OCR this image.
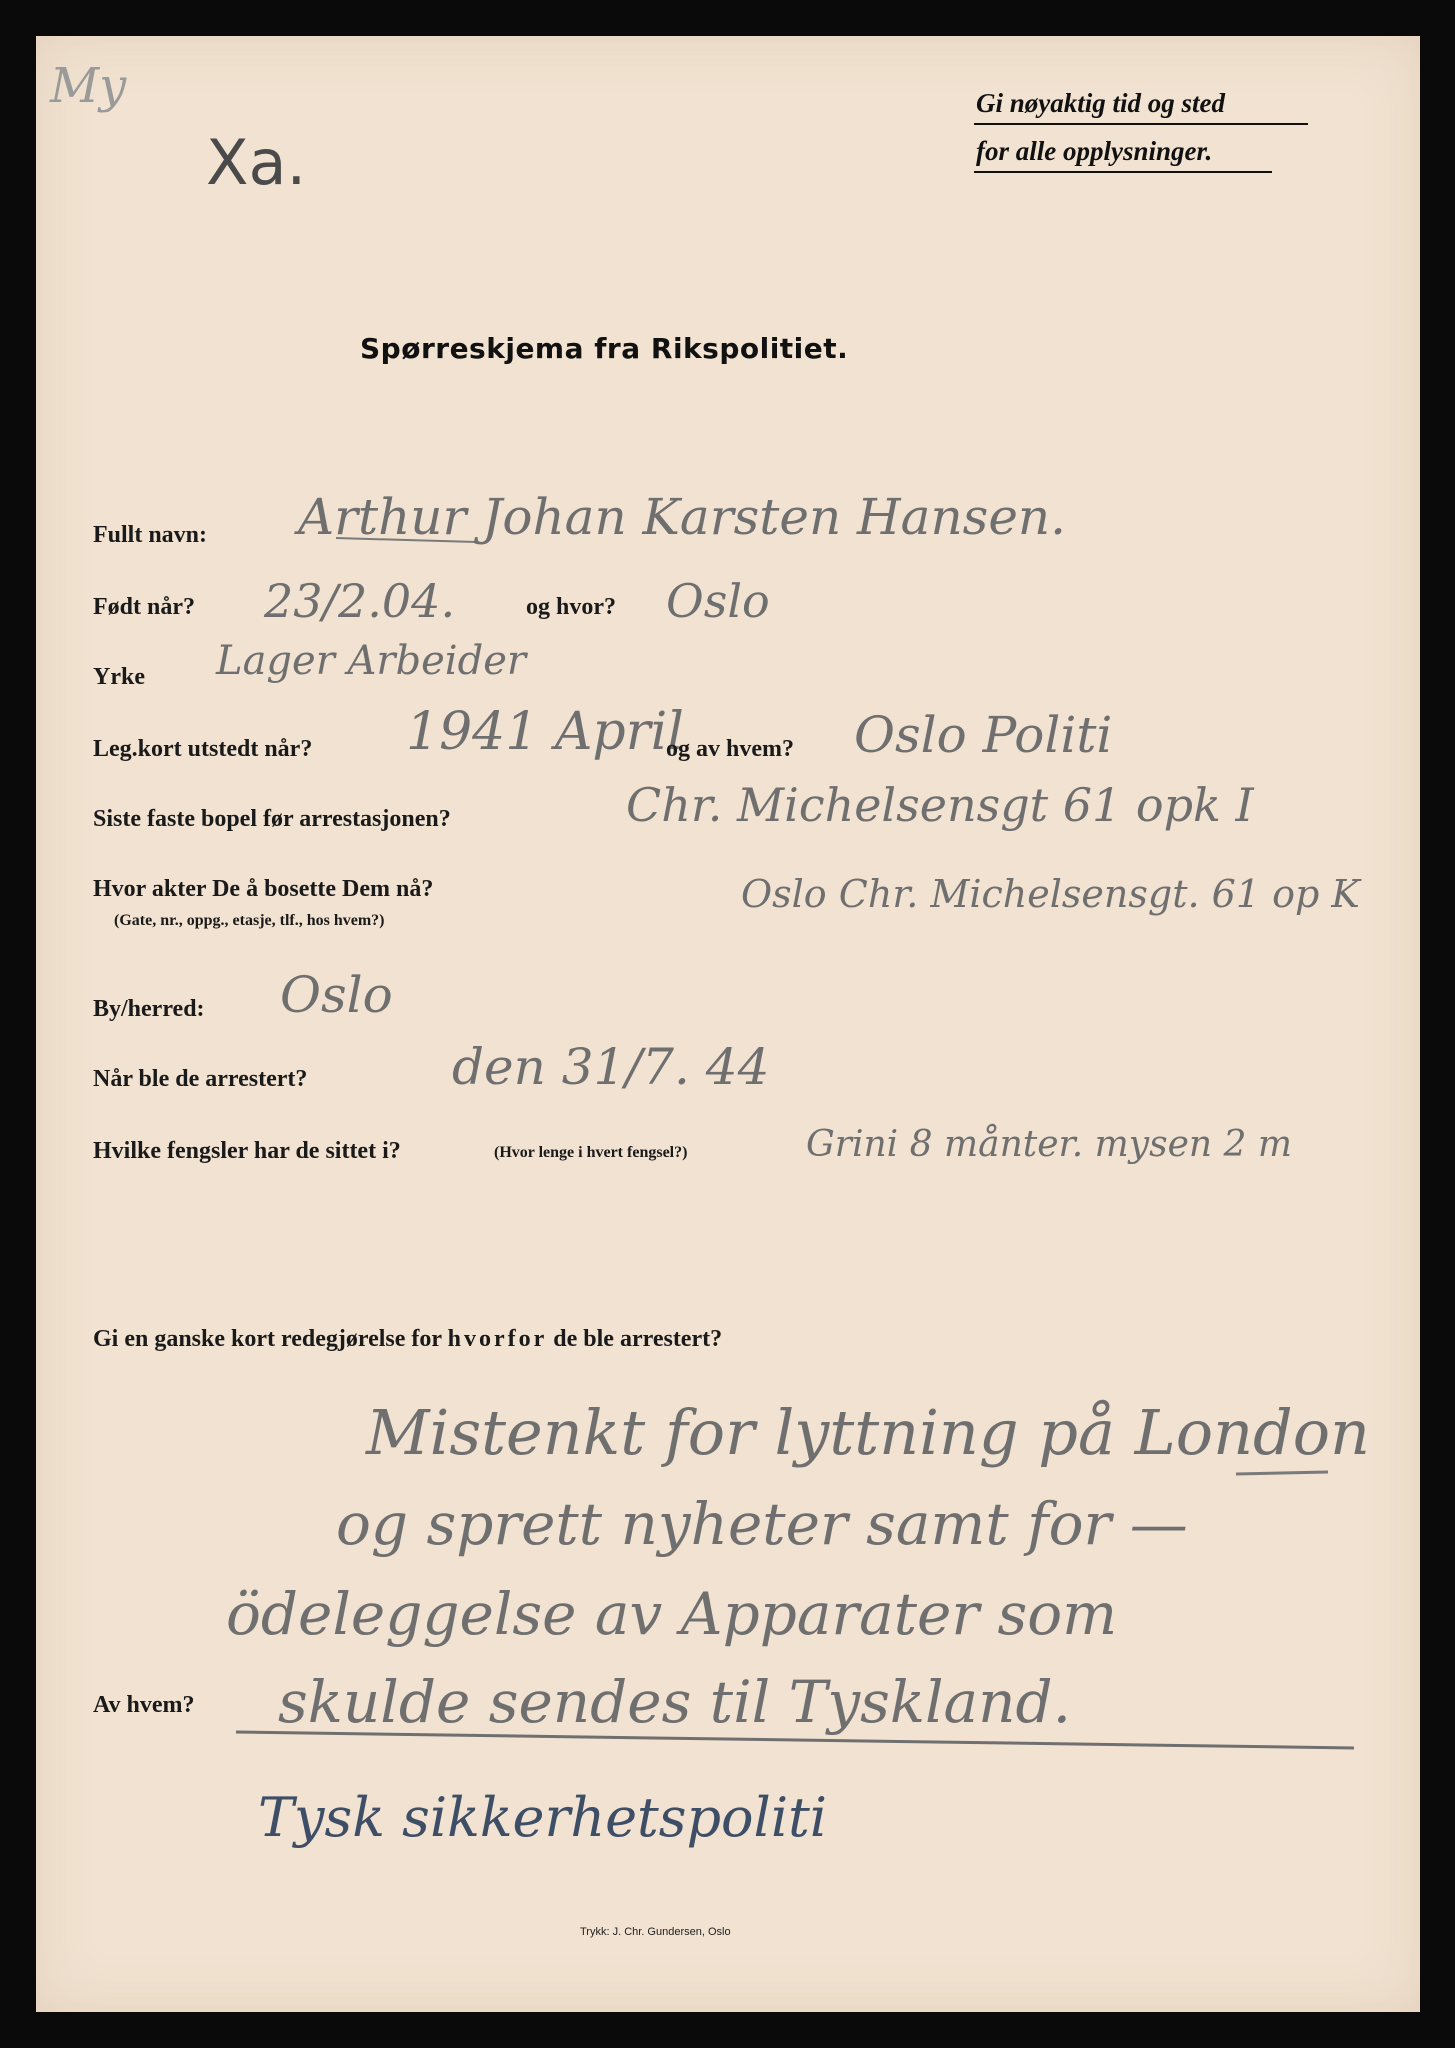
My
Xa.
Gi nøyaktig tid og sted
for alle opplysninger.
Spørreskjema fra Rikspolitiet.
Fullt navn: Arthur Johan Karsten Hansen.
Født når? 23/2.04.	og hvor? Oslo
Yrke Lager Arbeider
Leg.kort utstedt når? 1941 April
og av hvem? Oslo Politi
Siste faste bopel før arrestasjonen?	Chr. Michelsensgt 61 opk I
Hvor akter De å bosette Dem nå?
(Gate, nr., oppg., etasje, tlf., hos hvem?)
Oslo Chr. Michelsensgt. 61 op K
By/herred: Oslo
Når ble de arrestert?	den 31/7. 44
Hvilke fengsler har de sittet i?	(Hvor lenge i hvert fengsel?)	Grini 8 månter. mysen 2 m
Gi en ganske kort redegjørelse for hvorfor de ble arrestert?
Mistenkt for lyttning på London
og sprett nyheter samt for —
ödeleggelse av Apparater som
skulde sendes til Tyskland.
Av hvem?
Tysk sikkerhetspoliti
Trykk: J. Chr. Gundersen, Oslo
